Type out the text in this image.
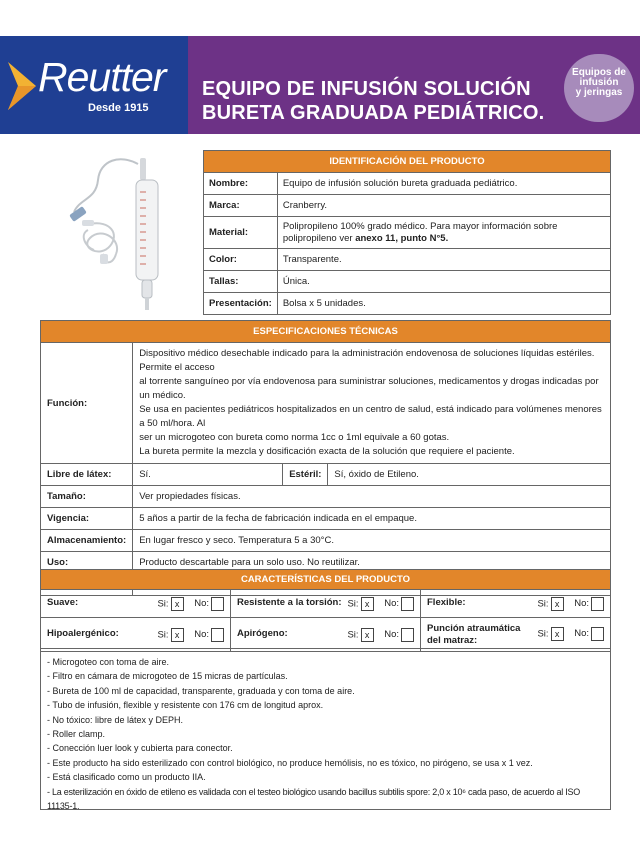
Reutter
Desde 1915
EQUIPO DE INFUSIÓN SOLUCIÓN
BURETA GRADUADA PEDIÁTRICO.
Equipos de
infusión
y jeringas
IDENTIFICACIÓN DEL PRODUCTO	
Nombre:	Equipo de infusión solución bureta graduada pediátrico.
Marca:	Cranberry.
Material:	Polipropileno 100% grado médico. Para mayor información sobre polipropileno ver anexo 11, punto N°5.
Color:	Transparente.
Tallas:	Única.
Presentación:	Bolsa x 5 unidades.
ESPECIFICACIONES TÉCNICAS			
Función:	Dispositivo médico desechable indicado para la administración endovenosa de soluciones líquidas estériles. Permite el acceso
al torrente sanguíneo por vía endovenosa para suministrar soluciones, medicamentos y drogas indicadas por un médico.
Se usa en pacientes pediátricos hospitalizados en un centro de salud, está indicado para volúmenes menores a 50 ml/hora. Al
ser un microgoteo con bureta como norma 1cc o 1ml equivale a 60 gotas.
La bureta permite la mezcla y dosificación exacta de la solución que requiere el paciente.		

Libre de látex:	Sí.	Estéril:	Sí, óxido de Etileno.
Tamaño:	Ver propiedades físicas.		
Vigencia:	5 años a partir de la fecha de fabricación indicada en el empaque.		
Almacenamiento:	En lugar fresco y seco. Temperatura 5 a 30°C.		
Uso:	Producto descartable para un solo uso. No reutilizar.		

CARACTERÍSTICAS DEL PRODUCTO		
Suave: Si: x No:	Resistente a la torsión: Si: x No:	Flexible: Si: x No:

Hipoalergénico: Si: x No:	Apirógeno: Si: x No:	Punción atraumática
del matraz:
Si: x No:
- Microgoteo con toma de aire.
- Filtro en cámara de microgoteo de 15 micras de partículas.
- Bureta de 100 ml de capacidad, transparente, graduada y con toma de aire.
- Tubo de infusión, flexible y resistente con 176 cm de longitud aprox.
- No tóxico: libre de látex y DEPH.
- Roller clamp.
- Conección luer look y cubierta para conector.
- Este producto ha sido esterilizado con control biológico, no produce hemólisis, no es tóxico, no pirógeno, se usa x 1 vez.
- Está clasificado como un producto IIA.
- La esterilización en óxido de etileno es validada con el testeo biológico usando bacillus subtilis spore: 2,0 x 10⁶ cada paso, de acuerdo al ISO 11135-1.
